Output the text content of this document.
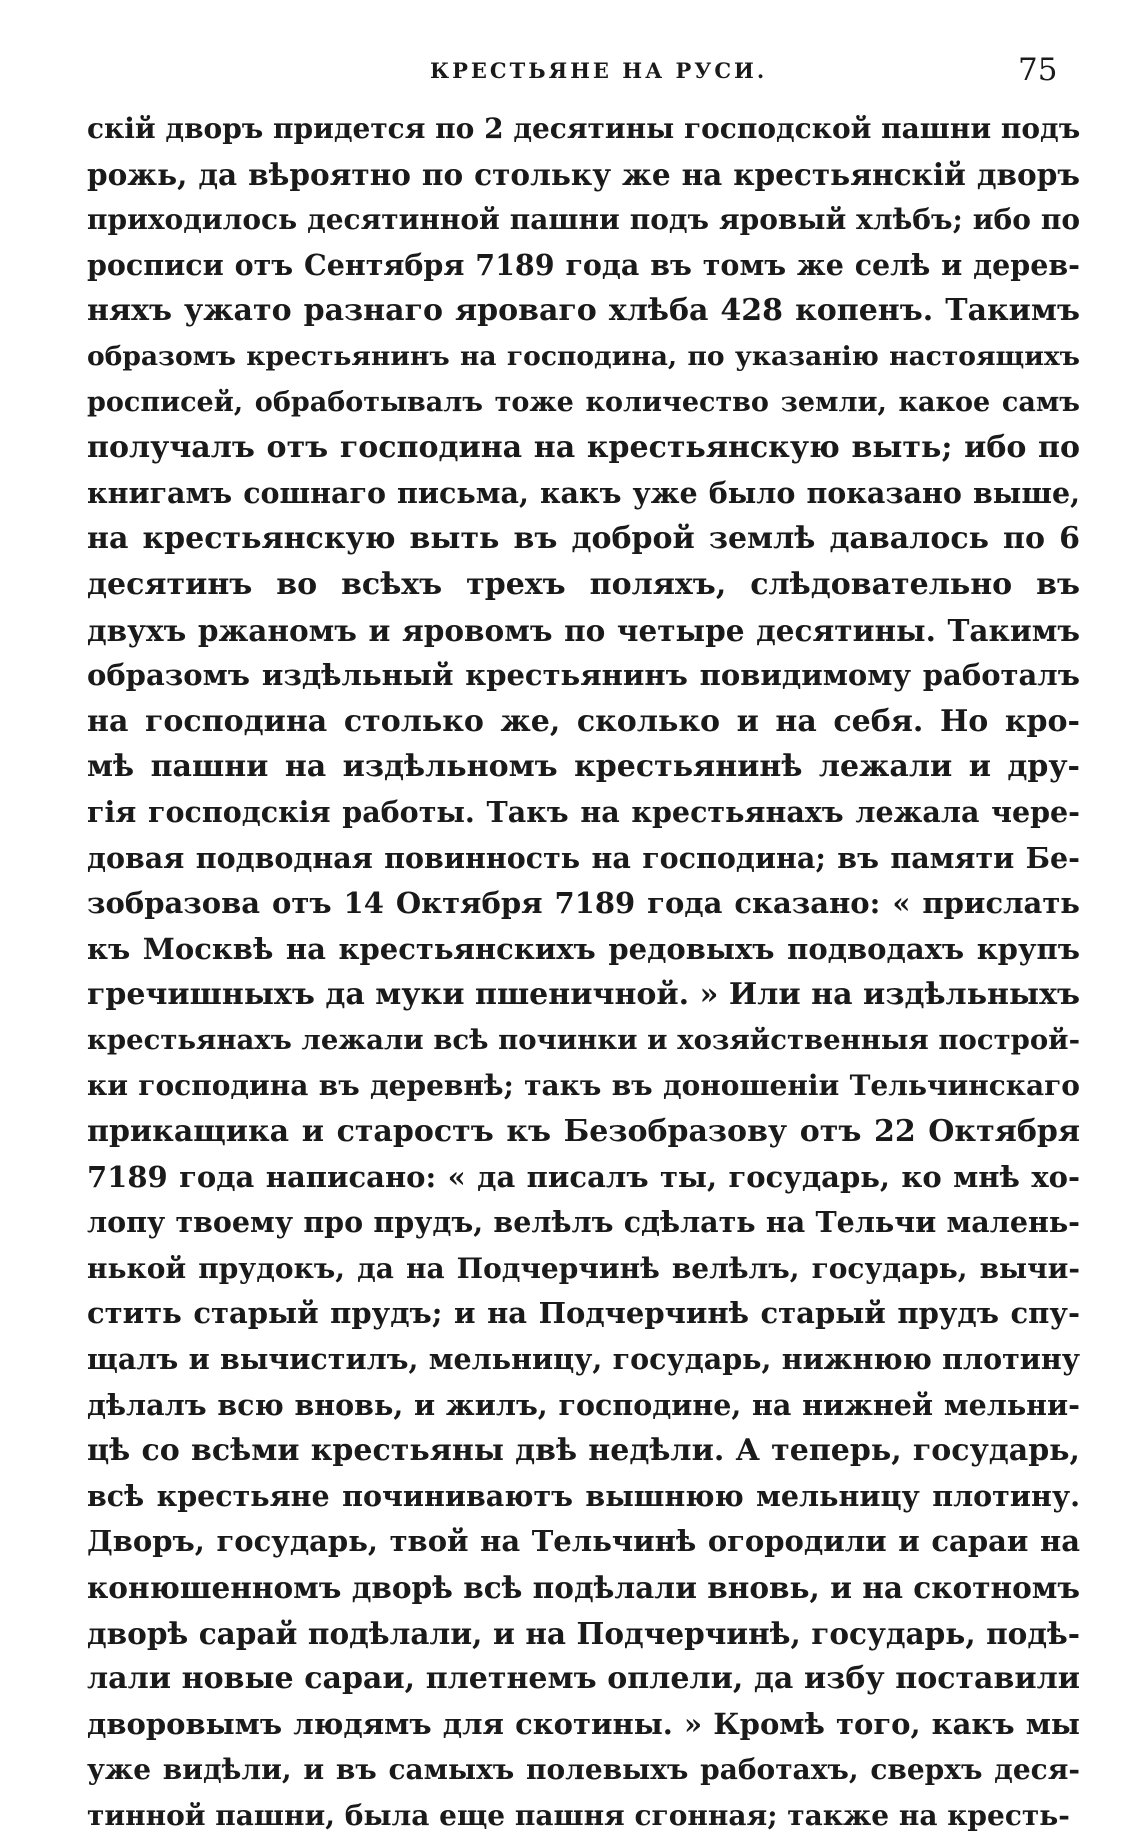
КРЕСТЬЯНЕ НА РУСИ.	75
скій дворъ придется по 2 десятины господской пашни подъ
рожь, да вѣроятно по стольку же на крестьянскій дворъ
приходилось десятинной пашни подъ яровый хлѣбъ; ибо по
росписи отъ Сентября 7189 года въ томъ же селѣ и дерев-
няхъ ужато разнаго яроваго хлѣба 428 копенъ. Такимъ
образомъ крестьянинъ на господина, по указанію настоящихъ
росписей, обработывалъ тоже количество земли, какое самъ
получалъ отъ господина на крестьянскую выть; ибо по
книгамъ сошнаго письма, какъ уже было показано выше,
на крестьянскую выть въ доброй землѣ давалось по 6
десятинъ во всѣхъ трехъ поляхъ, слѣдовательно въ
двухъ ржаномъ и яровомъ по четыре десятины. Такимъ
образомъ издѣльный крестьянинъ повидимому работалъ
на господина столько же, сколько и на себя. Но кро-
мѣ пашни на издѣльномъ крестьянинѣ лежали и дру-
гія господскія работы. Такъ на крестьянахъ лежала чере-
довая подводная повинность на господина; въ памяти Бе-
зобразова отъ 14 Октября 7189 года сказано: « прислать
къ Москвѣ на крестьянскихъ редовыхъ подводахъ крупъ
гречишныхъ да муки пшеничной. » Или на издѣльныхъ
крестьянахъ лежали всѣ починки и хозяйственныя построй-
ки господина въ деревнѣ; такъ въ доношеніи Тельчинскаго
прикащика и старостъ къ Безобразову отъ 22 Октября
7189 года написано: « да писалъ ты, государь, ко мнѣ хо-
лопу твоему про прудъ, велѣлъ сдѣлать на Тельчи малень-
нькой прудокъ, да на Подчерчинѣ велѣлъ, государь, вычи-
стить старый прудъ; и на Подчерчинѣ старый прудъ спу-
щалъ и вычистилъ, мельницу, государь, нижнюю плотину
дѣлалъ всю вновь, и жилъ, господине, на нижней мельни-
цѣ со всѣми крестьяны двѣ недѣли. А теперь, государь,
всѣ крестьяне починиваютъ вышнюю мельницу плотину.
Дворъ, государь, твой на Тельчинѣ огородили и сараи на
конюшенномъ дворѣ всѣ подѣлали вновь, и на скотномъ
дворѣ сарай подѣлали, и на Подчерчинѣ, государь, подѣ-
лали новые сараи, плетнемъ оплели, да избу поставили
дворовымъ людямъ для скотины. » Кромѣ того, какъ мы
уже видѣли, и въ самыхъ полевыхъ работахъ, сверхъ деся-
тинной пашни, была еще пашня сгонная; также на кресть-
